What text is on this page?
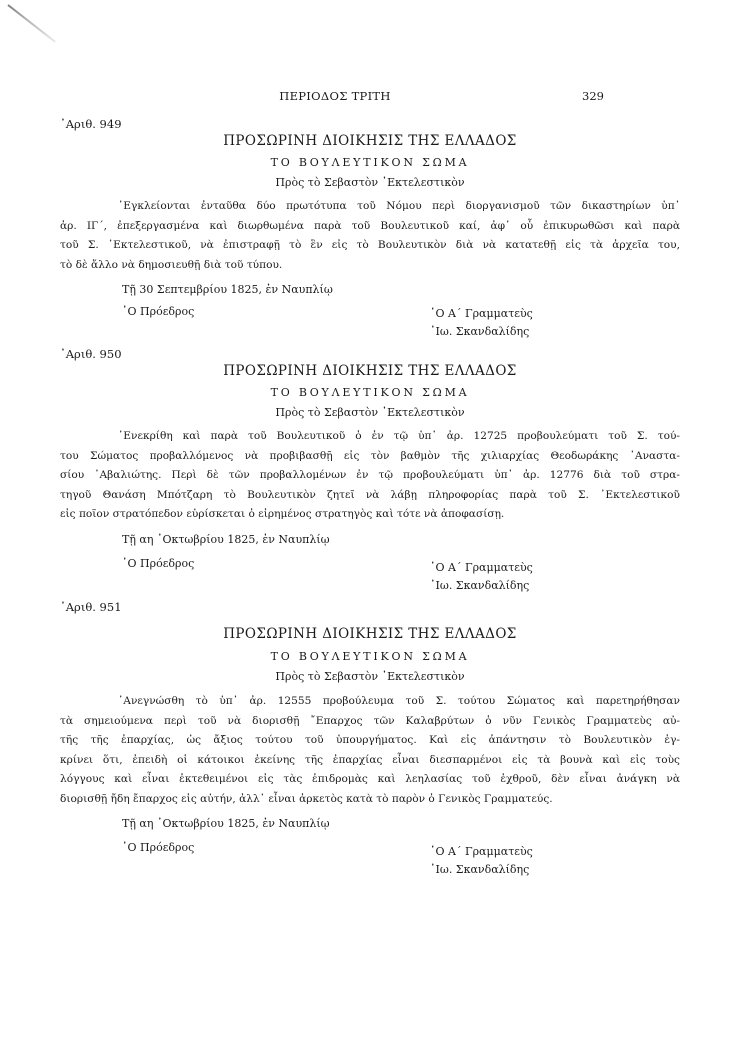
ΠΕΡΙΟΔΟΣ ΤΡΙΤΗ	329
᾿Αριθ. 949
ΠΡΟΣΩΡΙΝΗ ΔΙΟΙΚΗΣΙΣ ΤΗΣ ΕΛΛΑΔΟΣ
ΤΟ ΒΟΥΛΕΥΤΙΚΟΝ ΣΩΜΑ
Πρὸς τὸ Σεβαστὸν ᾿Εκτελεστικὸν
᾿Εγκλείονται ἐνταῦθα δύο πρωτότυπα τοῦ Νόμου περὶ διοργανισμοῦ τῶν δικαστηρίων ὑπ᾿
ἀρ. ΙΓ΄, ἐπεξεργασμένα καὶ διωρθωμένα παρὰ τοῦ Βουλευτικοῦ καί, ἀφ᾿ οὗ ἐπικυρωθῶσι καὶ παρὰ
τοῦ Σ. ᾿Εκτελεστικοῦ, νὰ ἐπιστραφῇ τὸ ἓν εἰς τὸ Βουλευτικὸν διὰ νὰ κατατεθῇ εἰς τὰ ἀρχεῖα του,
τὸ δὲ ἄλλο νὰ δημοσιευθῇ διὰ τοῦ τύπου.
Τῇ 30 Σεπτεμβρίου 1825, ἐν Ναυπλίῳ
῾Ο Πρόεδρος	῾Ο Α΄ Γραμματεὺς
᾿Ιω. Σκανδαλίδης
᾿Αριθ. 950
ΠΡΟΣΩΡΙΝΗ ΔΙΟΙΚΗΣΙΣ ΤΗΣ ΕΛΛΑΔΟΣ
ΤΟ ΒΟΥΛΕΥΤΙΚΟΝ ΣΩΜΑ
Πρὸς τὸ Σεβαστὸν ᾿Εκτελεστικὸν
᾿Ενεκρίθη καὶ παρὰ τοῦ Βουλευτικοῦ ὁ ἐν τῷ ὑπ᾿ ἀρ. 12725 προβουλεύματι τοῦ Σ. τού-
του Σώματος προβαλλόμενος νὰ προβιβασθῇ εἰς τὸν βαθμὸν τῆς χιλιαρχίας Θεοδωράκης ᾿Αναστα-
σίου ᾿Αβαλιώτης. Περὶ δὲ τῶν προβαλλομένων ἐν τῷ προβουλεύματι ὑπ᾿ ἀρ. 12776 διὰ τοῦ στρα-
τηγοῦ Θανάση Μπότζαρη τὸ Βουλευτικὸν ζητεῖ νὰ λάβῃ πληροφορίας παρὰ τοῦ Σ. ᾿Εκτελεστικοῦ
εἰς ποῖον στρατόπεδον εὑρίσκεται ὁ εἰρημένος στρατηγὸς καὶ τότε νὰ ἀποφασίσῃ.
Τῇ αη ᾿Οκτωβρίου 1825, ἐν Ναυπλίῳ
῾Ο Πρόεδρος	῾Ο Α΄ Γραμματεὺς
᾿Ιω. Σκανδαλίδης
᾿Αριθ. 951
ΠΡΟΣΩΡΙΝΗ ΔΙΟΙΚΗΣΙΣ ΤΗΣ ΕΛΛΑΔΟΣ
ΤΟ ΒΟΥΛΕΥΤΙΚΟΝ ΣΩΜΑ
Πρὸς τὸ Σεβαστὸν ᾿Εκτελεστικὸν
᾿Ανεγνώσθη τὸ ὑπ᾿ ἀρ. 12555 προβούλευμα τοῦ Σ. τούτου Σώματος καὶ παρετηρήθησαν
τὰ σημειούμενα περὶ τοῦ νὰ διορισθῇ ῎Επαρχος τῶν Καλαβρύτων ὁ νῦν Γενικὸς Γραμματεὺς αὐ-
τῆς τῆς ἐπαρχίας, ὡς ἄξιος τούτου τοῦ ὑπουργήματος. Καὶ εἰς ἀπάντησιν τὸ Βουλευτικὸν ἐγ-
κρίνει ὅτι, ἐπειδὴ οἱ κάτοικοι ἐκείνης τῆς ἐπαρχίας εἶναι διεσπαρμένοι εἰς τὰ βουνὰ καὶ εἰς τοὺς
λόγγους καὶ εἶναι ἐκτεθειμένοι εἰς τὰς ἐπιδρομὰς καὶ λεηλασίας τοῦ ἐχθροῦ, δὲν εἶναι ἀνάγκη νὰ
διορισθῇ ἤδη ἔπαρχος εἰς αὐτήν, ἀλλ᾿ εἶναι ἀρκετὸς κατὰ τὸ παρὸν ὁ Γενικὸς Γραμματεύς.
Τῇ αη ᾿Οκτωβρίου 1825, ἐν Ναυπλίῳ
῾Ο Πρόεδρος	῾Ο Α΄ Γραμματεὺς
᾿Ιω. Σκανδαλίδης
